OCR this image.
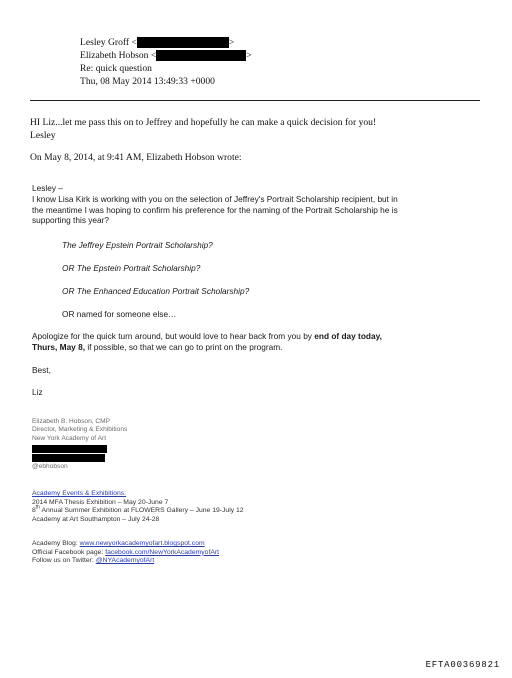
Lesley Groff <	>
Elizabeth Hobson <	>
Re: quick question
Thu, 08 May 2014 13:49:33 +0000
HI Liz...let me pass this on to Jeffrey and hopefully he can make a quick decision for you!
Lesley
On May 8, 2014, at 9:41 AM, Elizabeth Hobson wrote:
Lesley –
I know Lisa Kirk is working with you on the selection of Jeffrey's Portrait Scholarship recipient, but in
the meantime I was hoping to confirm his preference for the naming of the Portrait Scholarship he is
supporting this year?
The Jeffrey Epstein Portrait Scholarship?
OR The Epstein Portrait Scholarship?
OR The Enhanced Education Portrait Scholarship?
OR named for someone else…
Apologize for the quick turn around, but would love to hear back from you by end of day today,
Thurs, May 8, if possible, so that we can go to print on the program.
Best,
Liz
Elizabeth B. Hobson, CMP
Director, Marketing & Exhibitions
New York Academy of Art
@ebhobson
Academy Events & Exhibitions:
2014 MFA Thesis Exhibition – May 20-June 7
8th Annual Summer Exhibition at FLOWERS Gallery – June 19-July 12
Academy at Art Southampton – July 24-28
Academy Blog: www.newyorkacademyofart.blogspot.com
Official Facebook page: facebook.com/NewYorkAcademyofArt
Follow us on Twitter: @NYAcademyofArt
EFTA00369821
